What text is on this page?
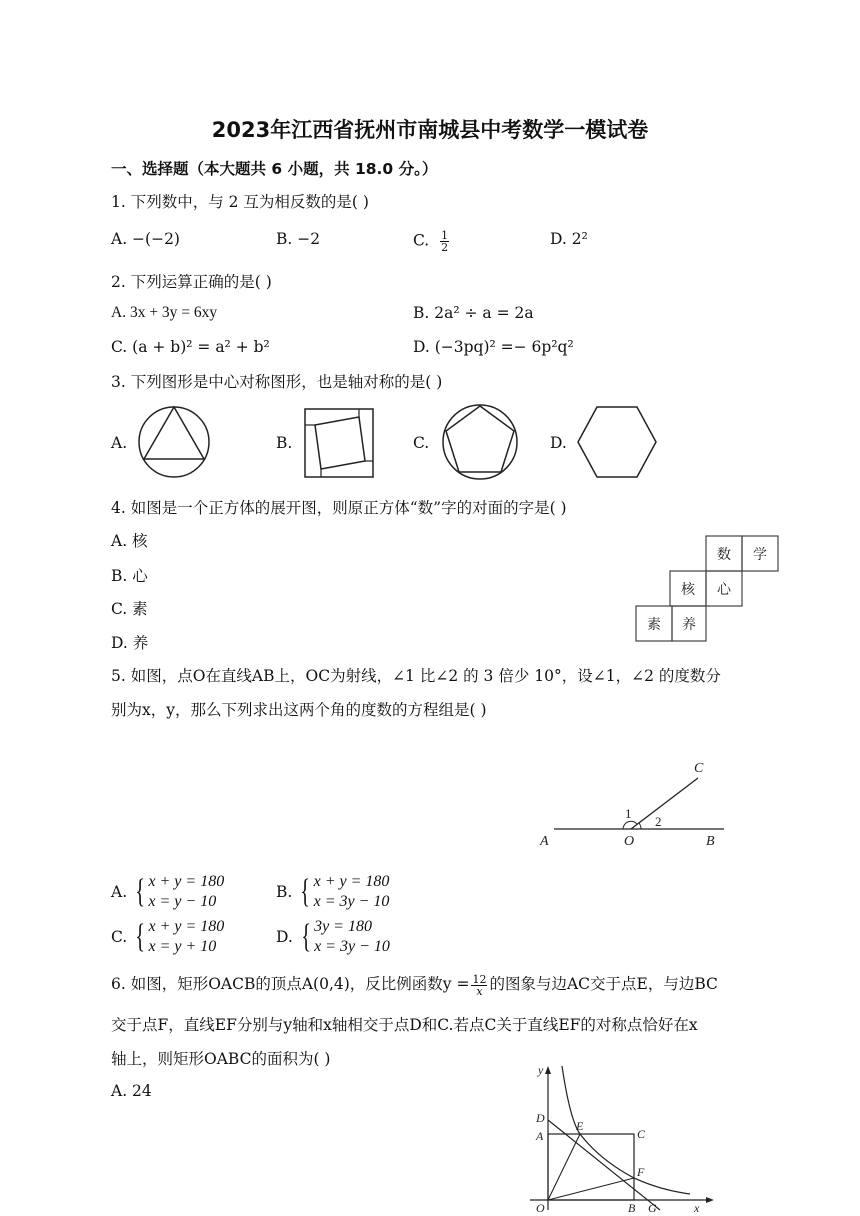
2023年江西省抚州市南城县中考数学一模试卷
一、选择题（本大题共 6 小题，共 18.0 分。）
1. 下列数中，与 2 互为相反数的是( )
A. −(−2)	B. −2	C. $\frac{1}{2}$	D. 2²
2. 下列运算正确的是( )
A. 3x + 3y = 6xy	B. 2a² ÷ a = 2a
C. (a + b)² = a² + b²	D. (−3pq)² =− 6p²q²
3. 下列图形是中心对称图形，也是轴对称的是( )
A.	B.	C.	D.
4. 如图是一个正方体的展开图，则原正方体“数”字的对面的字是( )
A. 核
B. 心
C. 素
D. 养
数 学
核 心
素 养
5. 如图，点O在直线AB上，OC为射线，∠1 比∠2 的 3 倍少 10°，设∠1，∠2 的度数分
别为x，y，那么下列求出这两个角的度数的方程组是( )
A	O	B
C
1
2
A. { x + y = 180
x = y − 10
B. { x + y = 180
x = 3y − 10
C. { x + y = 180
x = y + 10
D. { 3y = 180
x = 3y − 10
6. 如图，矩形OACB的顶点A(0,4)，反比例函数$y = \frac{12}{x}$ 的图象与边AC交于点E，与边BC
交于点F，直线EF分别与y轴和x轴相交于点D和C.若点C关于直线EF的对称点恰好在x
轴上，则矩形OABC的面积为( )
A. 24
y
D
A
E
C
F
O	B G	x
